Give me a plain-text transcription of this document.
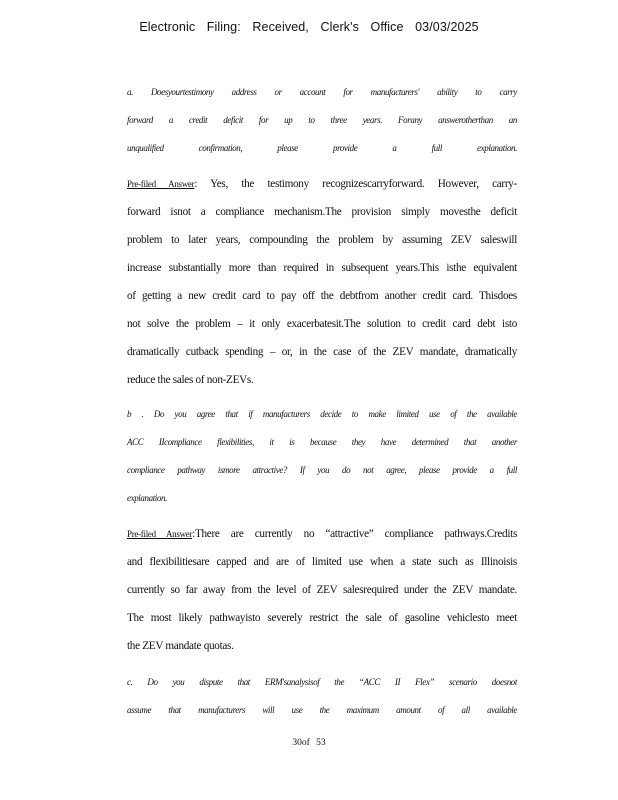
Electronic Filing: Received, Clerk's Office 03/03/2025
a. Doesyourtestimony address or account for manufacturers' ability to carry
forward a credit deficit for up to three years. Forany answerotherthan an
unqualified confirmation, please provide a full explanation.
Pre-filed Answer: Yes, the testimony recognizescarryforward. However, carry-
forward isnot a compliance mechanism.The provision simply movesthe deficit
problem to later years, compounding the problem by assuming ZEV saleswill
increase substantially more than required in subsequent years.This isthe equivalent
of getting a new credit card to pay off the debtfrom another credit card. Thisdoes
not solve the problem – it only exacerbatesit.The solution to credit card debt isto
dramatically cutback spending – or, in the case of the ZEV mandate, dramatically
reduce the sales of non-ZEVs.
b . Do you agree that if manufacturers decide to make limited use of the available
ACC IIcompliance flexibilities, it is because they have determined that another
compliance pathway ismore attractive? If you do not agree, please provide a full
explanation.
Pre-filed Answer:There are currently no “attractive” compliance pathways.Credits
and flexibilitiesare capped and are of limited use when a state such as Illinoisis
currently so far away from the level of ZEV salesrequired under the ZEV mandate.
The most likely pathwayisto severely restrict the sale of gasoline vehiclesto meet
the ZEV mandate quotas.
c. Do you dispute that ERM'sanalysisof the “ACC II Flex” scenario doesnot
assume that manufacturers will use the maximum amount of all available
30of 53
